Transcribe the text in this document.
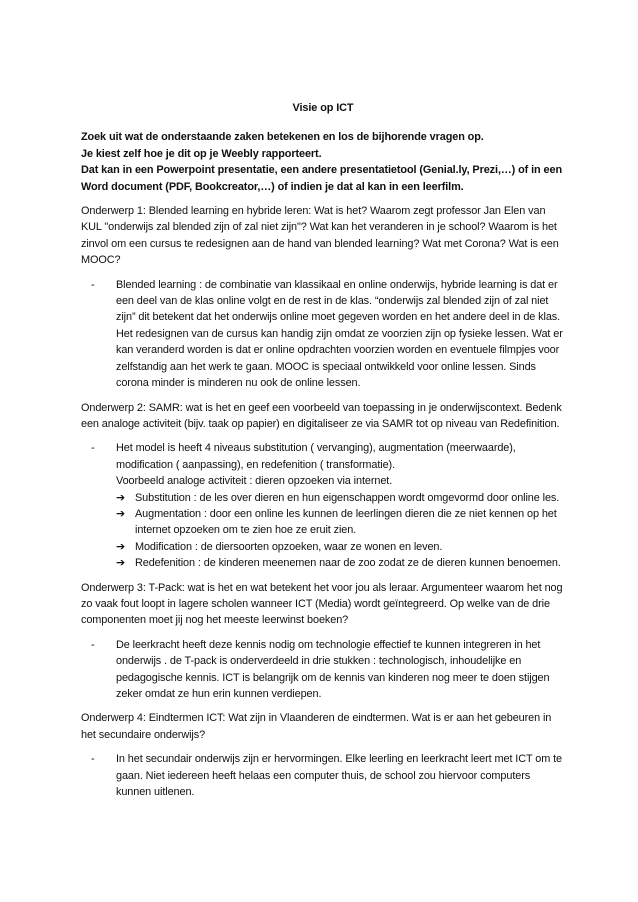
Visie op ICT
Zoek uit wat de onderstaande zaken betekenen en los de bijhorende vragen op.
Je kiest zelf hoe je dit op je Weebly rapporteert.
Dat kan in een Powerpoint presentatie, een andere presentatietool (Genial.ly, Prezi,…) of in een
Word document (PDF, Bookcreator,…) of indien je dat al kan in een leerfilm.
Onderwerp 1: Blended learning en hybride leren: Wat is het? Waarom zegt professor Jan Elen van KUL "onderwijs zal blended zijn of zal niet zijn"? Wat kan het veranderen in je school? Waarom is het zinvol om een cursus te redesignen aan de hand van blended learning? Wat met Corona? Wat is een MOOC?
- Blended learning : de combinatie van klassikaal en online onderwijs, hybride learning is dat er een deel van de klas online volgt en de rest in de klas. “onderwijs zal blended zijn of zal niet zijn” dit betekent dat het onderwijs online moet gegeven worden en het andere deel in de klas. Het redesignen van de cursus kan handig zijn omdat ze voorzien zijn op fysieke lessen. Wat er kan veranderd worden is dat er online opdrachten voorzien worden en eventuele filmpjes voor zelfstandig aan het werk te gaan. MOOC is speciaal ontwikkeld voor online lessen. Sinds corona minder is minderen nu ook de online lessen.
Onderwerp 2: SAMR: wat is het en geef een voorbeeld van toepassing in je onderwijscontext. Bedenk een analoge activiteit (bijv. taak op papier) en digitaliseer ze via SAMR tot op niveau van Redefinition.
- Het model is heeft 4 niveaus substitution ( vervanging), augmentation (meerwaarde), modification ( aanpassing), en redefenition ( transformatie).
Voorbeeld analoge activiteit : dieren opzoeken via internet.
➔ Substitution : de les over dieren en hun eigenschappen wordt omgevormd door online les.
➔ Augmentation : door een online les kunnen de leerlingen dieren die ze niet kennen op het internet opzoeken om te zien hoe ze eruit zien.
➔ Modification : de diersoorten opzoeken, waar ze wonen en leven.
➔ Redefenition : de kinderen meenemen naar de zoo zodat ze de dieren kunnen benoemen.
Onderwerp 3: T-Pack: wat is het en wat betekent het voor jou als leraar. Argumenteer waarom het nog zo vaak fout loopt in lagere scholen wanneer ICT (Media) wordt geïntegreerd. Op welke van de drie componenten moet jij nog het meeste leerwinst boeken?
- De leerkracht heeft deze kennis nodig om technologie effectief te kunnen integreren in het onderwijs . de T-pack is onderverdeeld in drie stukken : technologisch, inhoudelijke en pedagogische kennis. ICT is belangrijk om de kennis van kinderen nog meer te doen stijgen zeker omdat ze hun erin kunnen verdiepen.
Onderwerp 4: Eindtermen ICT: Wat zijn in Vlaanderen de eindtermen. Wat is er aan het gebeuren in het secundaire onderwijs?
- In het secundair onderwijs zijn er hervormingen. Elke leerling en leerkracht leert met ICT om te gaan. Niet iedereen heeft helaas een computer thuis, de school zou hiervoor computers kunnen uitlenen.
